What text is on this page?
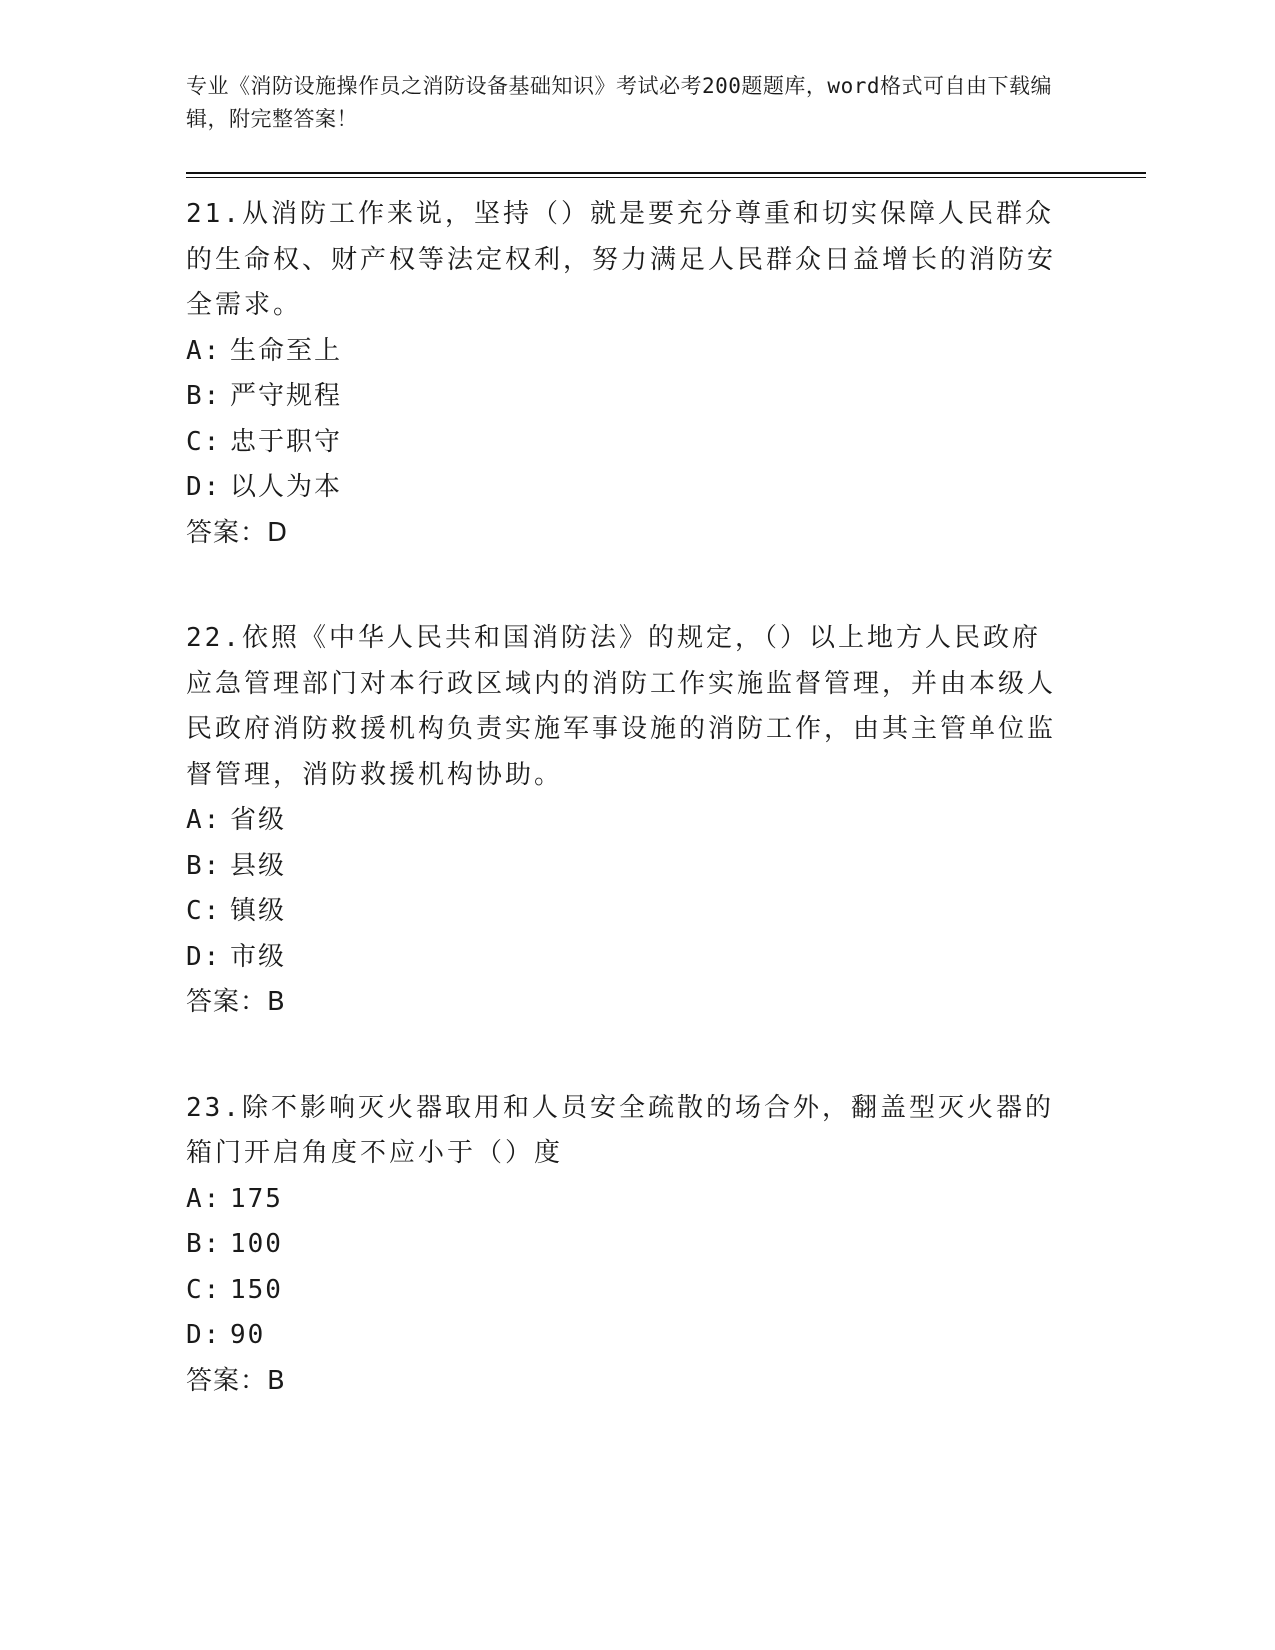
专业《消防设施操作员之消防设备基础知识》考试必考200题题库，word格式可自由下载编辑，附完整答案！

21.从消防工作来说，坚持（）就是要充分尊重和切实保障人民群众的生命权、财产权等法定权利，努力满足人民群众日益增长的消防安全需求。

A: 生命至上

B: 严守规程

C: 忠于职守

D: 以人为本

答案：D

22.依照《中华人民共和国消防法》的规定，（）以上地方人民政府应急管理部门对本行政区域内的消防工作实施监督管理，并由本级人民政府消防救援机构负责实施军事设施的消防工作，由其主管单位监督管理，消防救援机构协助。

A: 省级

B: 县级

C: 镇级

D: 市级

答案：B

23.除不影响灭火器取用和人员安全疏散的场合外，翻盖型灭火器的箱门开启角度不应小于（）度

A: 175

B: 100

C: 150

D: 90

答案：B
